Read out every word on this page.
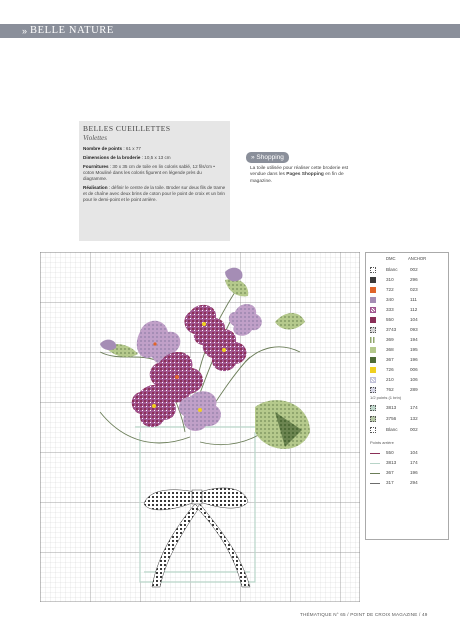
» BELLE NATURE
BELLES CUEILLETTES
Violettes
Nombre de points : 61 x 77
Dimensions de la broderie : 10,5 x 13 cm
Fournitures : 30 x 35 cm de toile en lin coloris sablé, 12 fils/cm • coton Mouliné dans les coloris figurent en légende près du diagramme.
Réalisation : définir le centre de la toile. Broder sur deux fils de trame et de chaîne avec deux brins de coton pour le point de croix et un brin pour le demi-point et le point arrière.
» Shopping
La toile utilisée pour réaliser cette broderie est vendue dans les Pages Shopping en fin de magazine.
DMC	ANCHOR
Blanc	002
310	296
722	023
340	111
333	112
550	104
3743	093
369	194
368	195
367	196
726	006
210	106
762	289
1/2 points (1 brin)
3813	174
3756	132
Blanc	002
Points arrière
550	104
3813	174
367	196
317	294
THÉMATIQUE N° 65 / POINT DE CROIX MAGAZINE / 49
